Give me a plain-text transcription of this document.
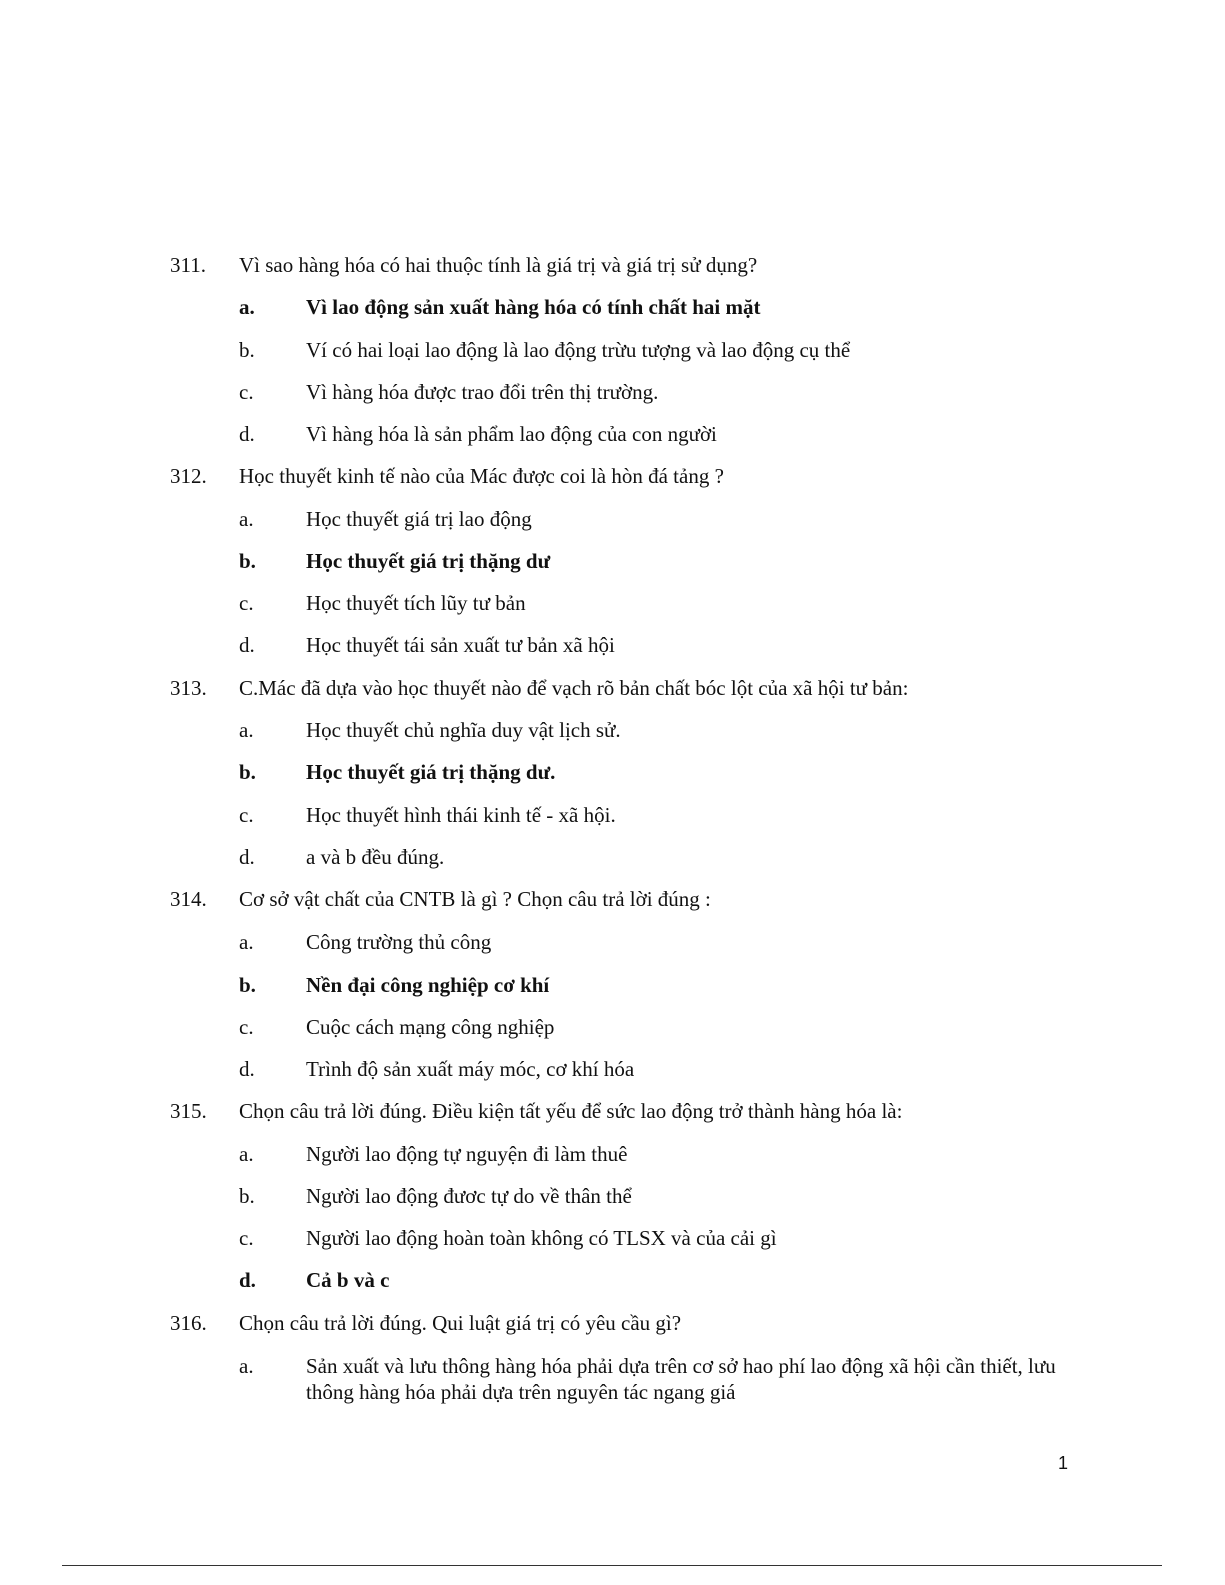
311. Vì sao hàng hóa có hai thuộc tính là giá trị và giá trị sử dụng?
a. Vì lao động sản xuất hàng hóa có tính chất hai mặt
b. Ví có hai loại lao động là lao động trừu tượng và lao động cụ thể
c. Vì hàng hóa được trao đổi trên thị trường.
d. Vì hàng hóa là sản phẩm lao động của con người
312. Học thuyết kinh tế nào của Mác được coi là hòn đá tảng ?
a. Học thuyết giá trị lao động
b. Học thuyết giá trị thặng dư
c. Học thuyết tích lũy tư bản
d. Học thuyết tái sản xuất tư bản xã hội
313. C.Mác đã dựa vào học thuyết nào để vạch rõ bản chất bóc lột của xã hội tư bản:
a. Học thuyết chủ nghĩa duy vật lịch sử.
b. Học thuyết giá trị thặng dư.
c. Học thuyết hình thái kinh tế - xã hội.
d. a và b đều đúng.
314. Cơ sở vật chất của CNTB là gì ? Chọn câu trả lời đúng :
a. Công trường thủ công
b. Nền đại công nghiệp cơ khí
c. Cuộc cách mạng công nghiệp
d. Trình độ sản xuất máy móc, cơ khí hóa
315. Chọn câu trả lời đúng. Điều kiện tất yếu để sức lao động trở thành hàng hóa là:
a. Người lao động tự nguyện đi làm thuê
b. Người lao động đươc tự do về thân thể
c. Người lao động hoàn toàn không có TLSX và của cải gì
d. Cả b và c
316. Chọn câu trả lời đúng. Qui luật giá trị có yêu cầu gì?
a. Sản xuất và lưu thông hàng hóa phải dựa trên cơ sở hao phí lao động xã hội cần thiết, lưu thông hàng hóa phải dựa trên nguyên tác ngang giá
1
